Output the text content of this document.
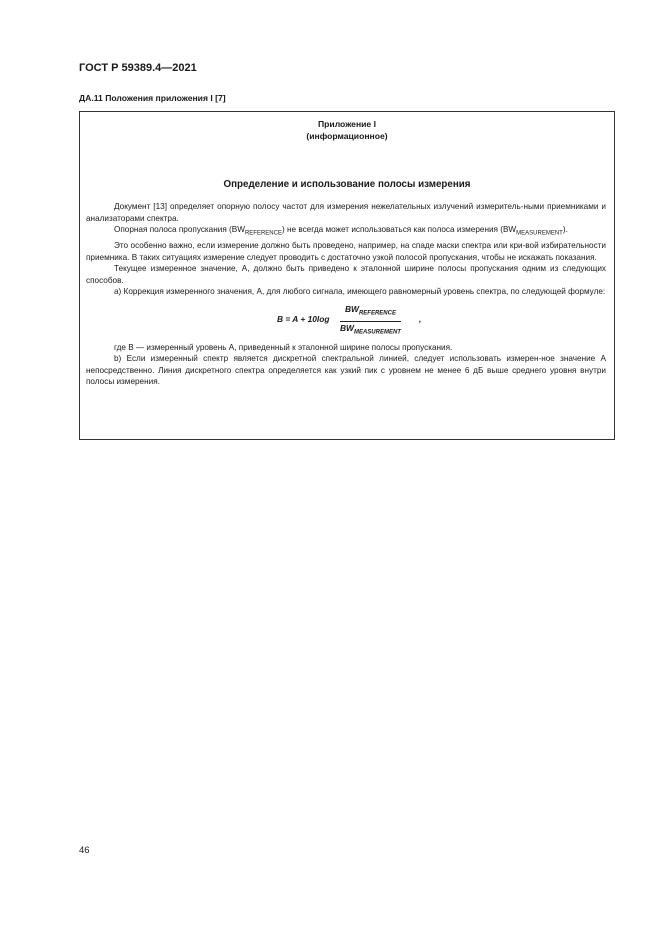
ГОСТ Р 59389.4—2021
ДА.11 Положения приложения I [7]
Приложение I
(информационное)
Определение и использование полосы измерения

Документ [13] определяет опорную полосу частот для измерения нежелательных излучений измеритель-ными приемниками и анализаторами спектра.

Опорная полоса пропускания $(BW_{REFERENCE})$ не всегда может использоваться как полоса измерения $(BW_{MEASUREMENT})$.

Это особенно важно, если измерение должно быть проведено, например, на спаде маски спектра или кри-вой избирательности приемника. В таких ситуациях измерение следует проводить с достаточно узкой полосой пропускания, чтобы не искажать показания.

Текущее измеренное значение, А, должно быть приведено к эталонной ширине полосы пропускания одним из следующих способов.

а) Коррекция измеренного значения, А, для любого сигнала, имеющего равномерный уровень спектра, по следующей формуле:

B = A + 10log
$BW_{REFERENCE}$
$BW_{MEASUREMENT}$
,

где В — измеренный уровень А, приведенный к эталонной ширине полосы пропускания.

b) Если измеренный спектр является дискретной спектральной линией, следует использовать измерен-ное значение А непосредственно. Линия дискретного спектра определяется как узкий пик с уровнем не менее 6 дБ выше среднего уровня внутри полосы измерения.

46
